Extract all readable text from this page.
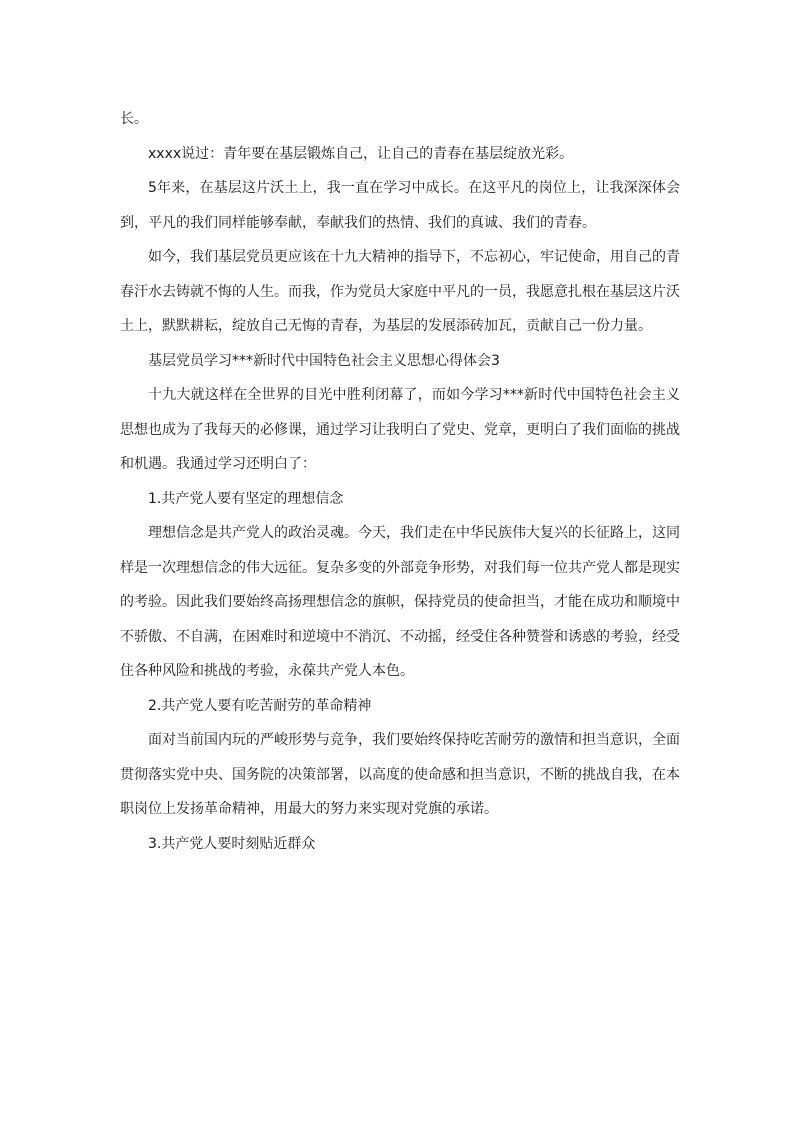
长。

xxxx说过：青年要在基层锻炼自己，让自己的青春在基层绽放光彩。

5年来，在基层这片沃土上，我一直在学习中成长。在这平凡的岗位上，让我深深体会到，平凡的我们同样能够奉献，奉献我们的热情、我们的真诚、我们的青春。

如今，我们基层党员更应该在十九大精神的指导下，不忘初心，牢记使命，用自己的青春汗水去铸就不悔的人生。而我，作为党员大家庭中平凡的一员，我愿意扎根在基层这片沃土上，默默耕耘，绽放自己无悔的青春，为基层的发展添砖加瓦，贡献自己一份力量。

基层党员学习***新时代中国特色社会主义思想心得体会3

十九大就这样在全世界的目光中胜利闭幕了，而如今学习***新时代中国特色社会主义思想也成为了我每天的必修课，通过学习让我明白了党史、党章，更明白了我们面临的挑战和机遇。我通过学习还明白了：

1.共产党人要有坚定的理想信念

理想信念是共产党人的政治灵魂。今天，我们走在中华民族伟大复兴的长征路上，这同样是一次理想信念的伟大远征。复杂多变的外部竞争形势，对我们每一位共产党人都是现实的考验。因此我们要始终高扬理想信念的旗帜，保持党员的使命担当，才能在成功和顺境中不骄傲、不自满，在困难时和逆境中不消沉、不动摇，经受住各种赞誉和诱惑的考验，经受住各种风险和挑战的考验，永葆共产党人本色。

2.共产党人要有吃苦耐劳的革命精神

面对当前国内玩的严峻形势与竞争，我们要始终保持吃苦耐劳的激情和担当意识，全面贯彻落实党中央、国务院的决策部署，以高度的使命感和担当意识，不断的挑战自我，在本职岗位上发扬革命精神，用最大的努力来实现对党旗的承诺。

3.共产党人要时刻贴近群众
